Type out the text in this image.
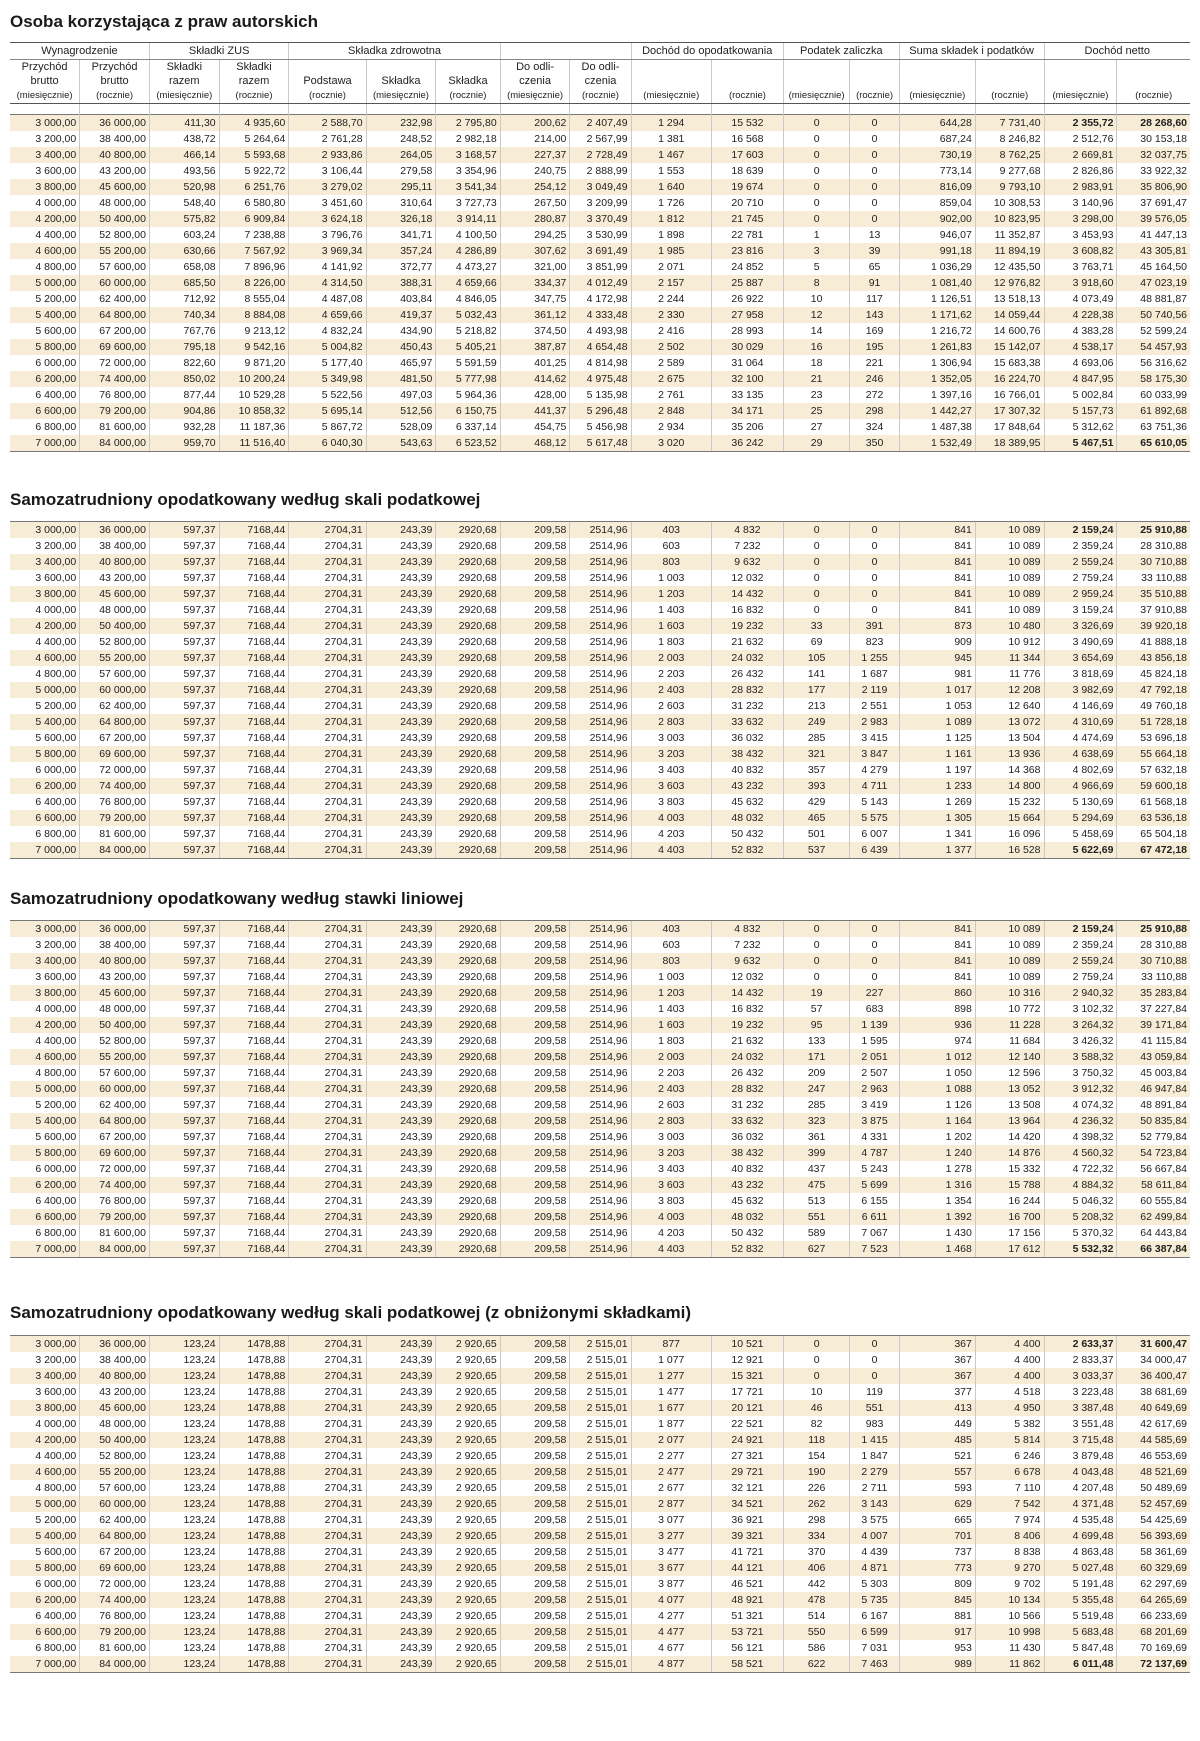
Osoba korzystająca z praw autorskich
Wynagrodzenie		Składki ZUS		Składka zdrowotna					Dochód do opodatkowania		Podatek zaliczka		Suma składek i podatków		Dochód netto	
Przychód	Przychód	Składki	Składki				Do odli-	Do odli-								
brutto	brutto	razem	razem	Podstawa	Składka	Składka	czenia	czenia								
(miesięcznie)	(rocznie)	(miesięcznie)	(rocznie)	(rocznie)	(miesięcznie)	(rocznie)	(miesięcznie)	(rocznie)	(miesięcznie)	(rocznie)	(miesięcznie)	(rocznie)	(miesięcznie)	(rocznie)	(miesięcznie)	(rocznie)

3 000,00	36 000,00	411,30	4 935,60	2 588,70	232,98	2 795,80	200,62	2 407,49	1 294	15 532	0	0	644,28	7 731,40	2 355,72	28 268,60
3 200,00	38 400,00	438,72	5 264,64	2 761,28	248,52	2 982,18	214,00	2 567,99	1 381	16 568	0	0	687,24	8 246,82	2 512,76	30 153,18
3 400,00	40 800,00	466,14	5 593,68	2 933,86	264,05	3 168,57	227,37	2 728,49	1 467	17 603	0	0	730,19	8 762,25	2 669,81	32 037,75
3 600,00	43 200,00	493,56	5 922,72	3 106,44	279,58	3 354,96	240,75	2 888,99	1 553	18 639	0	0	773,14	9 277,68	2 826,86	33 922,32
3 800,00	45 600,00	520,98	6 251,76	3 279,02	295,11	3 541,34	254,12	3 049,49	1 640	19 674	0	0	816,09	9 793,10	2 983,91	35 806,90
4 000,00	48 000,00	548,40	6 580,80	3 451,60	310,64	3 727,73	267,50	3 209,99	1 726	20 710	0	0	859,04	10 308,53	3 140,96	37 691,47
4 200,00	50 400,00	575,82	6 909,84	3 624,18	326,18	3 914,11	280,87	3 370,49	1 812	21 745	0	0	902,00	10 823,95	3 298,00	39 576,05
4 400,00	52 800,00	603,24	7 238,88	3 796,76	341,71	4 100,50	294,25	3 530,99	1 898	22 781	1	13	946,07	11 352,87	3 453,93	41 447,13
4 600,00	55 200,00	630,66	7 567,92	3 969,34	357,24	4 286,89	307,62	3 691,49	1 985	23 816	3	39	991,18	11 894,19	3 608,82	43 305,81
4 800,00	57 600,00	658,08	7 896,96	4 141,92	372,77	4 473,27	321,00	3 851,99	2 071	24 852	5	65	1 036,29	12 435,50	3 763,71	45 164,50
5 000,00	60 000,00	685,50	8 226,00	4 314,50	388,31	4 659,66	334,37	4 012,49	2 157	25 887	8	91	1 081,40	12 976,82	3 918,60	47 023,19
5 200,00	62 400,00	712,92	8 555,04	4 487,08	403,84	4 846,05	347,75	4 172,98	2 244	26 922	10	117	1 126,51	13 518,13	4 073,49	48 881,87
5 400,00	64 800,00	740,34	8 884,08	4 659,66	419,37	5 032,43	361,12	4 333,48	2 330	27 958	12	143	1 171,62	14 059,44	4 228,38	50 740,56
5 600,00	67 200,00	767,76	9 213,12	4 832,24	434,90	5 218,82	374,50	4 493,98	2 416	28 993	14	169	1 216,72	14 600,76	4 383,28	52 599,24
5 800,00	69 600,00	795,18	9 542,16	5 004,82	450,43	5 405,21	387,87	4 654,48	2 502	30 029	16	195	1 261,83	15 142,07	4 538,17	54 457,93
6 000,00	72 000,00	822,60	9 871,20	5 177,40	465,97	5 591,59	401,25	4 814,98	2 589	31 064	18	221	1 306,94	15 683,38	4 693,06	56 316,62
6 200,00	74 400,00	850,02	10 200,24	5 349,98	481,50	5 777,98	414,62	4 975,48	2 675	32 100	21	246	1 352,05	16 224,70	4 847,95	58 175,30
6 400,00	76 800,00	877,44	10 529,28	5 522,56	497,03	5 964,36	428,00	5 135,98	2 761	33 135	23	272	1 397,16	16 766,01	5 002,84	60 033,99
6 600,00	79 200,00	904,86	10 858,32	5 695,14	512,56	6 150,75	441,37	5 296,48	2 848	34 171	25	298	1 442,27	17 307,32	5 157,73	61 892,68
6 800,00	81 600,00	932,28	11 187,36	5 867,72	528,09	6 337,14	454,75	5 456,98	2 934	35 206	27	324	1 487,38	17 848,64	5 312,62	63 751,36
7 000,00	84 000,00	959,70	11 516,40	6 040,30	543,63	6 523,52	468,12	5 617,48	3 020	36 242	29	350	1 532,49	18 389,95	5 467,51	65 610,05
Samozatrudniony opodatkowany według skali podatkowej
3 000,00	36 000,00	597,37	7168,44	2704,31	243,39	2920,68	209,58	2514,96	403	4 832	0	0	841	10 089	2 159,24	25 910,88
3 200,00	38 400,00	597,37	7168,44	2704,31	243,39	2920,68	209,58	2514,96	603	7 232	0	0	841	10 089	2 359,24	28 310,88
3 400,00	40 800,00	597,37	7168,44	2704,31	243,39	2920,68	209,58	2514,96	803	9 632	0	0	841	10 089	2 559,24	30 710,88
3 600,00	43 200,00	597,37	7168,44	2704,31	243,39	2920,68	209,58	2514,96	1 003	12 032	0	0	841	10 089	2 759,24	33 110,88
3 800,00	45 600,00	597,37	7168,44	2704,31	243,39	2920,68	209,58	2514,96	1 203	14 432	0	0	841	10 089	2 959,24	35 510,88
4 000,00	48 000,00	597,37	7168,44	2704,31	243,39	2920,68	209,58	2514,96	1 403	16 832	0	0	841	10 089	3 159,24	37 910,88
4 200,00	50 400,00	597,37	7168,44	2704,31	243,39	2920,68	209,58	2514,96	1 603	19 232	33	391	873	10 480	3 326,69	39 920,18
4 400,00	52 800,00	597,37	7168,44	2704,31	243,39	2920,68	209,58	2514,96	1 803	21 632	69	823	909	10 912	3 490,69	41 888,18
4 600,00	55 200,00	597,37	7168,44	2704,31	243,39	2920,68	209,58	2514,96	2 003	24 032	105	1 255	945	11 344	3 654,69	43 856,18
4 800,00	57 600,00	597,37	7168,44	2704,31	243,39	2920,68	209,58	2514,96	2 203	26 432	141	1 687	981	11 776	3 818,69	45 824,18
5 000,00	60 000,00	597,37	7168,44	2704,31	243,39	2920,68	209,58	2514,96	2 403	28 832	177	2 119	1 017	12 208	3 982,69	47 792,18
5 200,00	62 400,00	597,37	7168,44	2704,31	243,39	2920,68	209,58	2514,96	2 603	31 232	213	2 551	1 053	12 640	4 146,69	49 760,18
5 400,00	64 800,00	597,37	7168,44	2704,31	243,39	2920,68	209,58	2514,96	2 803	33 632	249	2 983	1 089	13 072	4 310,69	51 728,18
5 600,00	67 200,00	597,37	7168,44	2704,31	243,39	2920,68	209,58	2514,96	3 003	36 032	285	3 415	1 125	13 504	4 474,69	53 696,18
5 800,00	69 600,00	597,37	7168,44	2704,31	243,39	2920,68	209,58	2514,96	3 203	38 432	321	3 847	1 161	13 936	4 638,69	55 664,18
6 000,00	72 000,00	597,37	7168,44	2704,31	243,39	2920,68	209,58	2514,96	3 403	40 832	357	4 279	1 197	14 368	4 802,69	57 632,18
6 200,00	74 400,00	597,37	7168,44	2704,31	243,39	2920,68	209,58	2514,96	3 603	43 232	393	4 711	1 233	14 800	4 966,69	59 600,18
6 400,00	76 800,00	597,37	7168,44	2704,31	243,39	2920,68	209,58	2514,96	3 803	45 632	429	5 143	1 269	15 232	5 130,69	61 568,18
6 600,00	79 200,00	597,37	7168,44	2704,31	243,39	2920,68	209,58	2514,96	4 003	48 032	465	5 575	1 305	15 664	5 294,69	63 536,18
6 800,00	81 600,00	597,37	7168,44	2704,31	243,39	2920,68	209,58	2514,96	4 203	50 432	501	6 007	1 341	16 096	5 458,69	65 504,18
7 000,00	84 000,00	597,37	7168,44	2704,31	243,39	2920,68	209,58	2514,96	4 403	52 832	537	6 439	1 377	16 528	5 622,69	67 472,18
Samozatrudniony opodatkowany według stawki liniowej
3 000,00	36 000,00	597,37	7168,44	2704,31	243,39	2920,68	209,58	2514,96	403	4 832	0	0	841	10 089	2 159,24	25 910,88
3 200,00	38 400,00	597,37	7168,44	2704,31	243,39	2920,68	209,58	2514,96	603	7 232	0	0	841	10 089	2 359,24	28 310,88
3 400,00	40 800,00	597,37	7168,44	2704,31	243,39	2920,68	209,58	2514,96	803	9 632	0	0	841	10 089	2 559,24	30 710,88
3 600,00	43 200,00	597,37	7168,44	2704,31	243,39	2920,68	209,58	2514,96	1 003	12 032	0	0	841	10 089	2 759,24	33 110,88
3 800,00	45 600,00	597,37	7168,44	2704,31	243,39	2920,68	209,58	2514,96	1 203	14 432	19	227	860	10 316	2 940,32	35 283,84
4 000,00	48 000,00	597,37	7168,44	2704,31	243,39	2920,68	209,58	2514,96	1 403	16 832	57	683	898	10 772	3 102,32	37 227,84
4 200,00	50 400,00	597,37	7168,44	2704,31	243,39	2920,68	209,58	2514,96	1 603	19 232	95	1 139	936	11 228	3 264,32	39 171,84
4 400,00	52 800,00	597,37	7168,44	2704,31	243,39	2920,68	209,58	2514,96	1 803	21 632	133	1 595	974	11 684	3 426,32	41 115,84
4 600,00	55 200,00	597,37	7168,44	2704,31	243,39	2920,68	209,58	2514,96	2 003	24 032	171	2 051	1 012	12 140	3 588,32	43 059,84
4 800,00	57 600,00	597,37	7168,44	2704,31	243,39	2920,68	209,58	2514,96	2 203	26 432	209	2 507	1 050	12 596	3 750,32	45 003,84
5 000,00	60 000,00	597,37	7168,44	2704,31	243,39	2920,68	209,58	2514,96	2 403	28 832	247	2 963	1 088	13 052	3 912,32	46 947,84
5 200,00	62 400,00	597,37	7168,44	2704,31	243,39	2920,68	209,58	2514,96	2 603	31 232	285	3 419	1 126	13 508	4 074,32	48 891,84
5 400,00	64 800,00	597,37	7168,44	2704,31	243,39	2920,68	209,58	2514,96	2 803	33 632	323	3 875	1 164	13 964	4 236,32	50 835,84
5 600,00	67 200,00	597,37	7168,44	2704,31	243,39	2920,68	209,58	2514,96	3 003	36 032	361	4 331	1 202	14 420	4 398,32	52 779,84
5 800,00	69 600,00	597,37	7168,44	2704,31	243,39	2920,68	209,58	2514,96	3 203	38 432	399	4 787	1 240	14 876	4 560,32	54 723,84
6 000,00	72 000,00	597,37	7168,44	2704,31	243,39	2920,68	209,58	2514,96	3 403	40 832	437	5 243	1 278	15 332	4 722,32	56 667,84
6 200,00	74 400,00	597,37	7168,44	2704,31	243,39	2920,68	209,58	2514,96	3 603	43 232	475	5 699	1 316	15 788	4 884,32	58 611,84
6 400,00	76 800,00	597,37	7168,44	2704,31	243,39	2920,68	209,58	2514,96	3 803	45 632	513	6 155	1 354	16 244	5 046,32	60 555,84
6 600,00	79 200,00	597,37	7168,44	2704,31	243,39	2920,68	209,58	2514,96	4 003	48 032	551	6 611	1 392	16 700	5 208,32	62 499,84
6 800,00	81 600,00	597,37	7168,44	2704,31	243,39	2920,68	209,58	2514,96	4 203	50 432	589	7 067	1 430	17 156	5 370,32	64 443,84
7 000,00	84 000,00	597,37	7168,44	2704,31	243,39	2920,68	209,58	2514,96	4 403	52 832	627	7 523	1 468	17 612	5 532,32	66 387,84
Samozatrudniony opodatkowany według skali podatkowej (z obniżonymi składkami)
3 000,00	36 000,00	123,24	1478,88	2704,31	243,39	2 920,65	209,58	2 515,01	877	10 521	0	0	367	4 400	2 633,37	31 600,47
3 200,00	38 400,00	123,24	1478,88	2704,31	243,39	2 920,65	209,58	2 515,01	1 077	12 921	0	0	367	4 400	2 833,37	34 000,47
3 400,00	40 800,00	123,24	1478,88	2704,31	243,39	2 920,65	209,58	2 515,01	1 277	15 321	0	0	367	4 400	3 033,37	36 400,47
3 600,00	43 200,00	123,24	1478,88	2704,31	243,39	2 920,65	209,58	2 515,01	1 477	17 721	10	119	377	4 518	3 223,48	38 681,69
3 800,00	45 600,00	123,24	1478,88	2704,31	243,39	2 920,65	209,58	2 515,01	1 677	20 121	46	551	413	4 950	3 387,48	40 649,69
4 000,00	48 000,00	123,24	1478,88	2704,31	243,39	2 920,65	209,58	2 515,01	1 877	22 521	82	983	449	5 382	3 551,48	42 617,69
4 200,00	50 400,00	123,24	1478,88	2704,31	243,39	2 920,65	209,58	2 515,01	2 077	24 921	118	1 415	485	5 814	3 715,48	44 585,69
4 400,00	52 800,00	123,24	1478,88	2704,31	243,39	2 920,65	209,58	2 515,01	2 277	27 321	154	1 847	521	6 246	3 879,48	46 553,69
4 600,00	55 200,00	123,24	1478,88	2704,31	243,39	2 920,65	209,58	2 515,01	2 477	29 721	190	2 279	557	6 678	4 043,48	48 521,69
4 800,00	57 600,00	123,24	1478,88	2704,31	243,39	2 920,65	209,58	2 515,01	2 677	32 121	226	2 711	593	7 110	4 207,48	50 489,69
5 000,00	60 000,00	123,24	1478,88	2704,31	243,39	2 920,65	209,58	2 515,01	2 877	34 521	262	3 143	629	7 542	4 371,48	52 457,69
5 200,00	62 400,00	123,24	1478,88	2704,31	243,39	2 920,65	209,58	2 515,01	3 077	36 921	298	3 575	665	7 974	4 535,48	54 425,69
5 400,00	64 800,00	123,24	1478,88	2704,31	243,39	2 920,65	209,58	2 515,01	3 277	39 321	334	4 007	701	8 406	4 699,48	56 393,69
5 600,00	67 200,00	123,24	1478,88	2704,31	243,39	2 920,65	209,58	2 515,01	3 477	41 721	370	4 439	737	8 838	4 863,48	58 361,69
5 800,00	69 600,00	123,24	1478,88	2704,31	243,39	2 920,65	209,58	2 515,01	3 677	44 121	406	4 871	773	9 270	5 027,48	60 329,69
6 000,00	72 000,00	123,24	1478,88	2704,31	243,39	2 920,65	209,58	2 515,01	3 877	46 521	442	5 303	809	9 702	5 191,48	62 297,69
6 200,00	74 400,00	123,24	1478,88	2704,31	243,39	2 920,65	209,58	2 515,01	4 077	48 921	478	5 735	845	10 134	5 355,48	64 265,69
6 400,00	76 800,00	123,24	1478,88	2704,31	243,39	2 920,65	209,58	2 515,01	4 277	51 321	514	6 167	881	10 566	5 519,48	66 233,69
6 600,00	79 200,00	123,24	1478,88	2704,31	243,39	2 920,65	209,58	2 515,01	4 477	53 721	550	6 599	917	10 998	5 683,48	68 201,69
6 800,00	81 600,00	123,24	1478,88	2704,31	243,39	2 920,65	209,58	2 515,01	4 677	56 121	586	7 031	953	11 430	5 847,48	70 169,69
7 000,00	84 000,00	123,24	1478,88	2704,31	243,39	2 920,65	209,58	2 515,01	4 877	58 521	622	7 463	989	11 862	6 011,48	72 137,69
